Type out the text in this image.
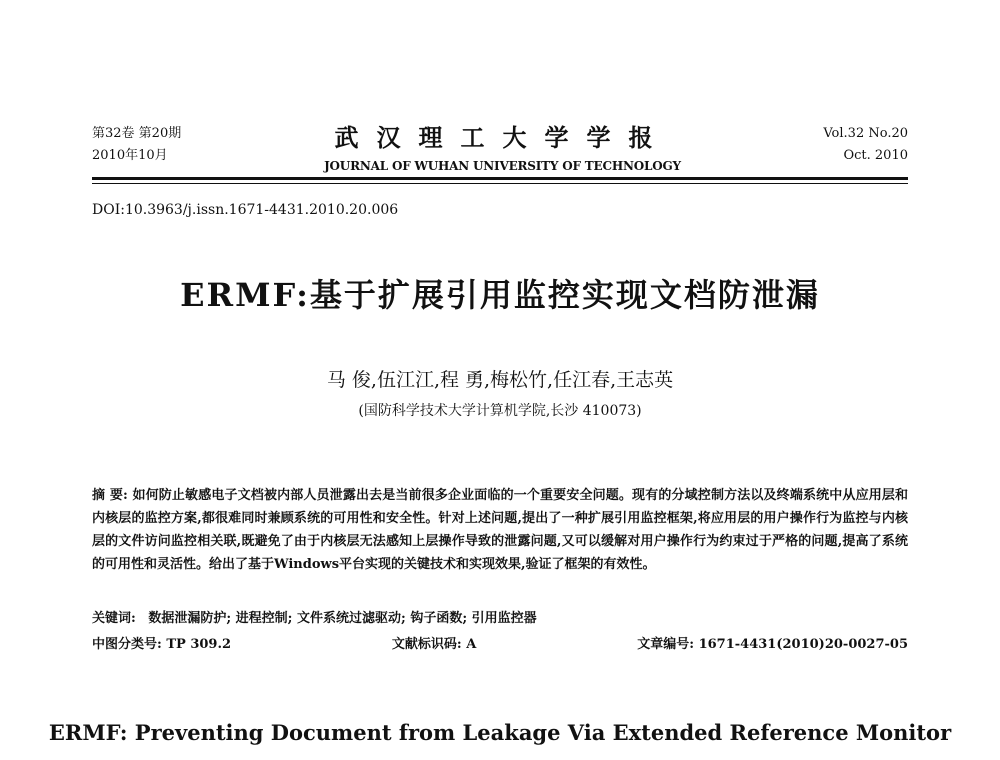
第32卷 第20期
2010年10月
武汉理工大学学报
JOURNAL OF WUHAN UNIVERSITY OF TECHNOLOGY
Vol.32 No.20
Oct. 2010
DOI:10.3963/j.issn.1671-4431.2010.20.006
ERMF:基于扩展引用监控实现文档防泄漏
马 俊,伍江江,程 勇,梅松竹,任江春,王志英
(国防科学技术大学计算机学院,长沙 410073)
摘 要: 如何防止敏感电子文档被内部人员泄露出去是当前很多企业面临的一个重要安全问题。现有的分域控制方法以及终端系统中从应用层和内核层的监控方案,都很难同时兼顾系统的可用性和安全性。针对上述问题,提出了一种扩展引用监控框架,将应用层的用户操作行为监控与内核层的文件访问监控相关联,既避免了由于内核层无法感知上层操作导致的泄露问题,又可以缓解对用户操作行为约束过于严格的问题,提高了系统的可用性和灵活性。给出了基于Windows平台实现的关键技术和实现效果,验证了框架的有效性。
关键词: 数据泄漏防护; 进程控制; 文件系统过滤驱动; 钩子函数; 引用监控器
中图分类号: TP 309.2	文献标识码: A	文章编号: 1671-4431(2010)20-0027-05
ERMF: Preventing Document from Leakage Via Extended Reference Monitor
